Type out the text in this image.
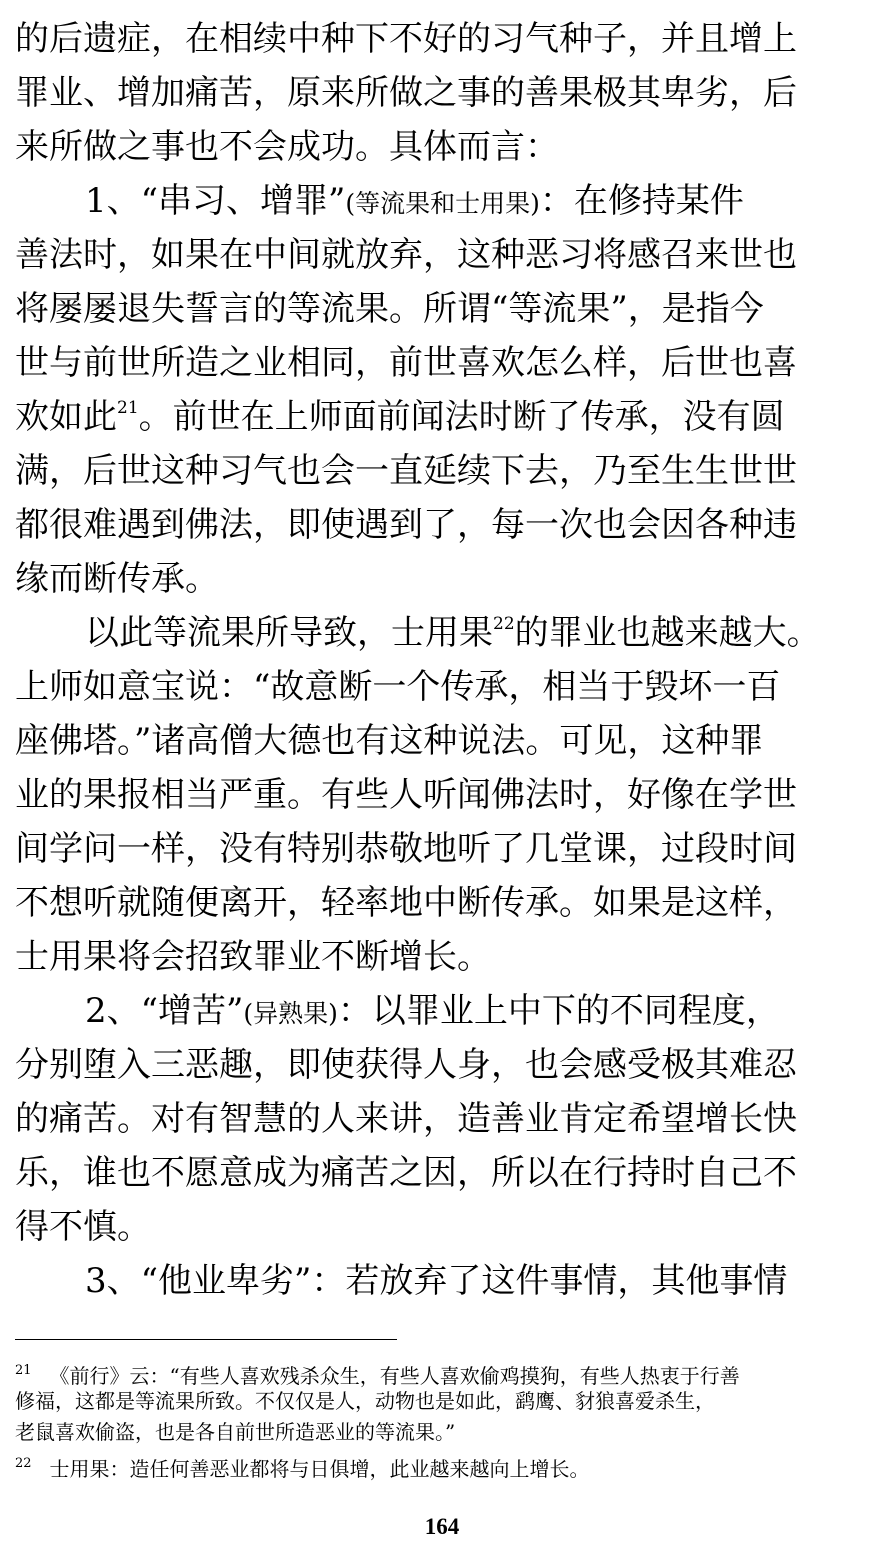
的后遗症，在相续中种下不好的习气种子，并且增上
罪业、增加痛苦，原来所做之事的善果极其卑劣，后
来所做之事也不会成功。具体而言：
1、“串习、增罪”(等流果和士用果)：在修持某件
善法时，如果在中间就放弃，这种恶习将感召来世也
将屡屡退失誓言的等流果。所谓“等流果”，是指今
世与前世所造之业相同，前世喜欢怎么样，后世也喜
欢如此$^{21}$。前世在上师面前闻法时断了传承，没有圆
满，后世这种习气也会一直延续下去，乃至生生世世
都很难遇到佛法，即使遇到了，每一次也会因各种违
缘而断传承。
以此等流果所导致，士用果$^{22}$的罪业也越来越大。
上师如意宝说：“故意断一个传承，相当于毁坏一百
座佛塔。”诸高僧大德也有这种说法。可见，这种罪
业的果报相当严重。有些人听闻佛法时，好像在学世
间学问一样，没有特别恭敬地听了几堂课，过段时间
不想听就随便离开，轻率地中断传承。如果是这样，
士用果将会招致罪业不断增长。
2、“增苦”(异熟果)：以罪业上中下的不同程度，
分别堕入三恶趣，即使获得人身，也会感受极其难忍
的痛苦。对有智慧的人来讲，造善业肯定希望增长快
乐，谁也不愿意成为痛苦之因，所以在行持时自己不
得不慎。
3、“他业卑劣”：若放弃了这件事情，其他事情
$^{21}$ 《前行》云：“有些人喜欢残杀众生，有些人喜欢偷鸡摸狗，有些人热衷于行善
修福，这都是等流果所致。不仅仅是人，动物也是如此，鹞鹰、豺狼喜爱杀生，
老鼠喜欢偷盗，也是各自前世所造恶业的等流果。”
$^{22}$ 士用果：造任何善恶业都将与日俱增，此业越来越向上增长。
164
